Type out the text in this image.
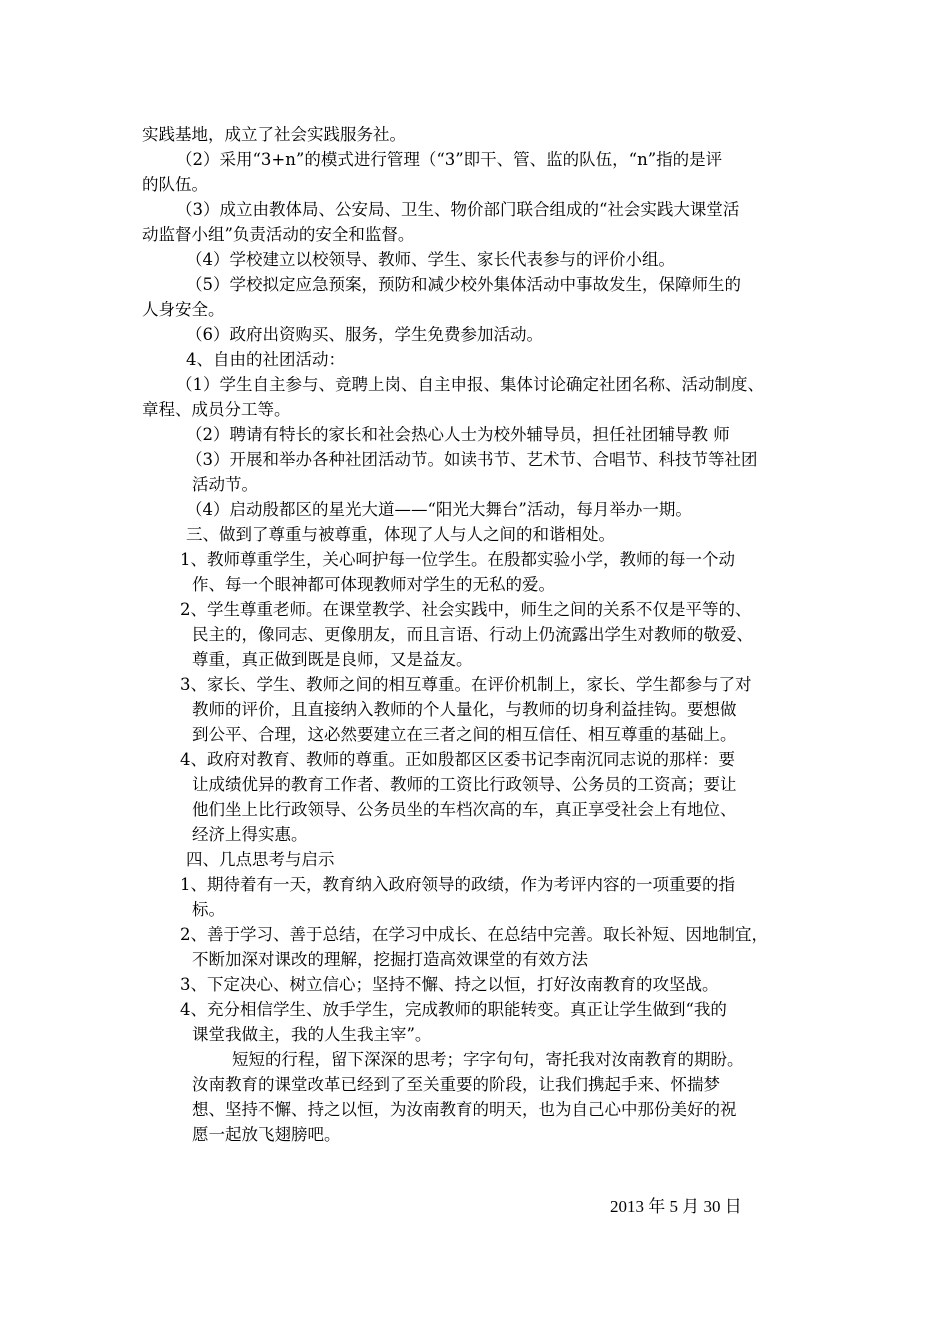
实践基地，成立了社会实践服务社。
（2）采用“3+n”的模式进行管理（“3”即干、管、监的队伍，“n”指的是评
的队伍。
（3）成立由教体局、公安局、卫生、物价部门联合组成的“社会实践大课堂活
动监督小组”负责活动的安全和监督。
（4）学校建立以校领导、教师、学生、家长代表参与的评价小组。
（5）学校拟定应急预案，预防和减少校外集体活动中事故发生，保障师生的
人身安全。
（6）政府出资购买、服务，学生免费参加活动。
4、自由的社团活动：
（1）学生自主参与、竞聘上岗、自主申报、集体讨论确定社团名称、活动制度、
章程、成员分工等。
（2）聘请有特长的家长和社会热心人士为校外辅导员，担任社团辅导教 师
（3）开展和举办各种社团活动节。如读书节、艺术节、合唱节、科技节等社团
活动节。
（4）启动殷都区的星光大道——“阳光大舞台”活动，每月举办一期。
三、做到了尊重与被尊重，体现了人与人之间的和谐相处。
1、教师尊重学生，关心呵护每一位学生。在殷都实验小学，教师的每一个动
作、每一个眼神都可体现教师对学生的无私的爱。
2、学生尊重老师。在课堂教学、社会实践中，师生之间的关系不仅是平等的、
民主的，像同志、更像朋友，而且言语、行动上仍流露出学生对教师的敬爱、
尊重，真正做到既是良师，又是益友。
3、家长、学生、教师之间的相互尊重。在评价机制上，家长、学生都参与了对
教师的评价，且直接纳入教师的个人量化，与教师的切身利益挂钩。要想做
到公平、合理，这必然要建立在三者之间的相互信任、相互尊重的基础上。
4、政府对教育、教师的尊重。正如殷都区区委书记李南沉同志说的那样：要
让成绩优异的教育工作者、教师的工资比行政领导、公务员的工资高；要让
他们坐上比行政领导、公务员坐的车档次高的车，真正享受社会上有地位、
经济上得实惠。
四、几点思考与启示
1、期待着有一天，教育纳入政府领导的政绩，作为考评内容的一项重要的指
标。
2、善于学习、善于总结，在学习中成长、在总结中完善。取长补短、因地制宜，
不断加深对课改的理解，挖掘打造高效课堂的有效方法
3、下定决心、树立信心；坚持不懈、持之以恒，打好汝南教育的攻坚战。
4、充分相信学生、放手学生，完成教师的职能转变。真正让学生做到“我的
课堂我做主，我的人生我主宰”。
短短的行程，留下深深的思考；字字句句，寄托我对汝南教育的期盼。
汝南教育的课堂改革已经到了至关重要的阶段，让我们携起手来、怀揣梦
想、坚持不懈、持之以恒，为汝南教育的明天，也为自己心中那份美好的祝
愿一起放飞翅膀吧。
2013 年 5 月 30 日
